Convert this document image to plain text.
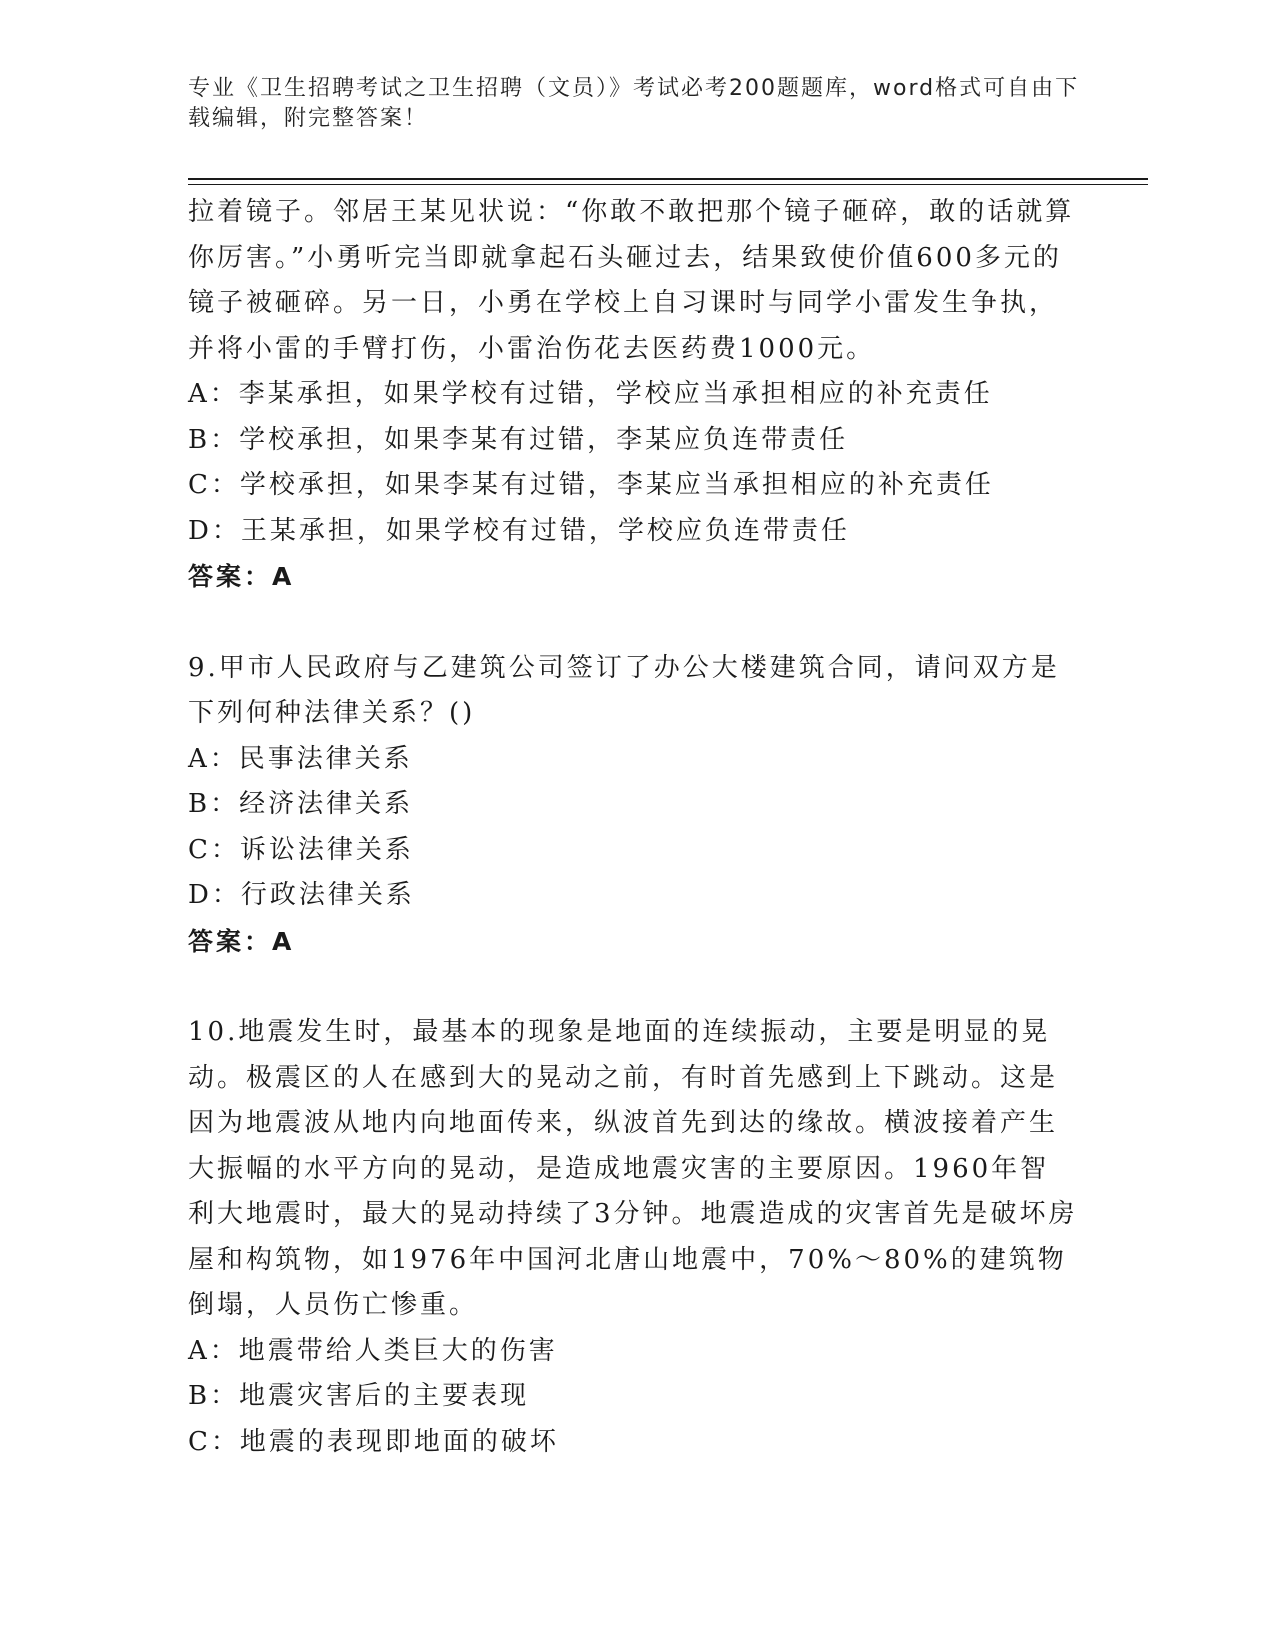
专业《卫生招聘考试之卫生招聘（文员）》考试必考200题题库，word格式可自由下载编辑，附完整答案！

拉着镜子。邻居王某见状说：“你敢不敢把那个镜子砸碎，敢的话就算你厉害。”小勇听完当即就拿起石头砸过去，结果致使价值600多元的镜子被砸碎。另一日，小勇在学校上自习课时与同学小雷发生争执，并将小雷的手臂打伤，小雷治伤花去医药费1000元。

A：李某承担，如果学校有过错，学校应当承担相应的补充责任

B：学校承担，如果李某有过错，李某应负连带责任

C：学校承担，如果李某有过错，李某应当承担相应的补充责任

D：王某承担，如果学校有过错，学校应负连带责任

答案：A

9.甲市人民政府与乙建筑公司签订了办公大楼建筑合同，请问双方是下列何种法律关系？()

A：民事法律关系

B：经济法律关系

C：诉讼法律关系

D：行政法律关系

答案：A

10.地震发生时，最基本的现象是地面的连续振动，主要是明显的晃动。极震区的人在感到大的晃动之前，有时首先感到上下跳动。这是因为地震波从地内向地面传来，纵波首先到达的缘故。横波接着产生大振幅的水平方向的晃动，是造成地震灾害的主要原因。1960年智利大地震时，最大的晃动持续了3分钟。地震造成的灾害首先是破坏房屋和构筑物，如1976年中国河北唐山地震中，70%～80%的建筑物倒塌，人员伤亡惨重。

A：地震带给人类巨大的伤害

B：地震灾害后的主要表现

C：地震的表现即地面的破坏
